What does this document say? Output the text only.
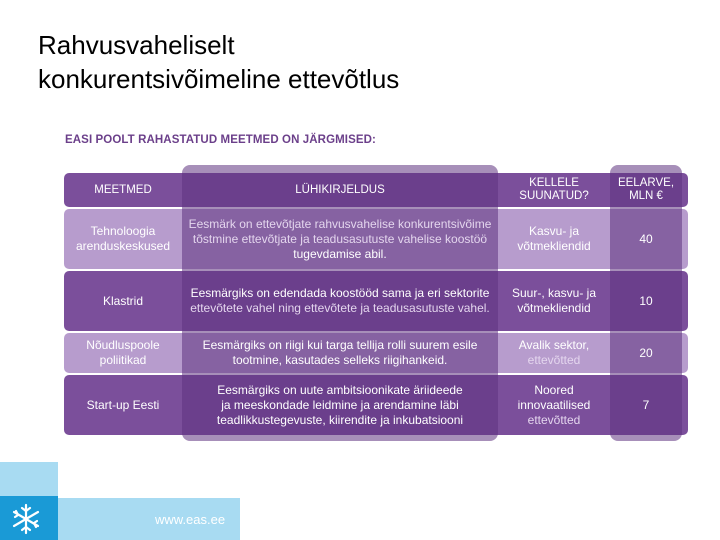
Rahvusvaheliselt
konkurentsivõimeline ettevõtlus
EASI POOLT RAHASTATUD MEETMED ON JÄRGMISED:
MEETMED	LÜHIKIRJELDUS
KELLELE
SUUNATUD?
EELARVE,
MLN €
Tehnoloogia
arenduskeskused
Eesmärk on ettevõtjate rahvusvahelise konkurentsivõime
tõstmine ettevõtjate ja teadusasutuste vahelise koostöö
tugevdamise abil.
Kasvu- ja
võtmekliendid
40
Klastrid
Eesmärgiks on edendada koostööd sama ja eri sektorite
ettevõtete vahel ning ettevõtete ja teadusasutuste vahel.
Suur-, kasvu- ja
võtmekliendid
10
Nõudluspoole
poliitikad
Eesmärgiks on riigi kui targa tellija rolli suurem esile
tootmine, kasutades selleks riigihankeid.
Avalik sektor,
ettevõtted
20
Start-up Eesti
Eesmärgiks on uute ambitsioonikate äriideede
ja meeskondade leidmine ja arendamine läbi
teadlikkustegevuste, kiirendite ja inkubatsiooni
Noored
innovaatilised
ettevõtted
7
www.eas.ee
